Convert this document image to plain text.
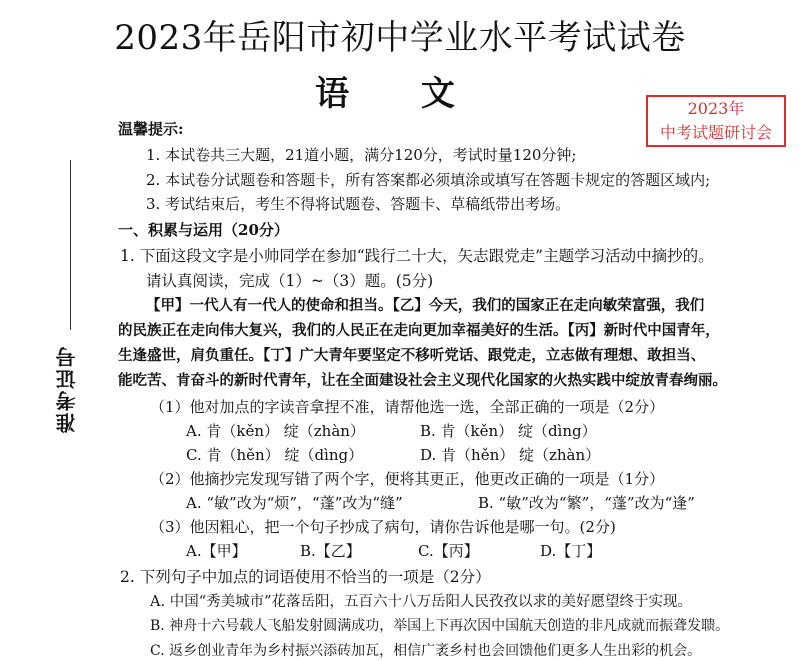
2023年岳阳市初中学业水平考试试卷
语 文	2023年
中考试题研讨会
准考证号
温馨提示:
1. 本试卷共三大题，21道小题，满分120分，考试时量120分钟;
2. 本试卷分试题卷和答题卡，所有答案都必须填涂或填写在答题卡规定的答题区域内;
3. 考试结束后，考生不得将试题卷、答题卡、草稿纸带出考场。
一、积累与运用（20分）
1. 下面这段文字是小帅同学在参加“践行二十大，矢志跟党走”主题学习活动中摘抄的。
请认真阅读，完成（1）~（3）题。(5分)
【甲】一代人有一代人的使命和担当。【乙】今天，我们的国家正在走向敏荣富强，我们
的民族正在走向伟大复兴，我们的人民正在走向更加幸福美好的生活。【丙】新时代中国青年，
生逢盛世，肩负重任。【丁】广大青年要坚定不移听党话、跟党走，立志做有理想、敢担当、
能吃苦、肯奋斗的新时代青年，让在全面建设社会主义现代化国家的火热实践中绽放青春绚丽。
（1）他对加点的字读音拿捏不准，请帮他选一选，全部正确的一项是（2分）
A. 肯（kěn） 绽（zhàn）	B. 肯（kěn） 绽（dìng）
C. 肯（hěn） 绽（dìng）	D. 肯（hěn） 绽（zhàn）
（2）他摘抄完发现写错了两个字，便将其更正，他更改正确的一项是（1分）
A. “敏”改为“烦”，“蓬”改为“缝”	B. “敏”改为“繁”，“蓬”改为“逢”
（3）他因粗心，把一个句子抄成了病句，请你告诉他是哪一句。(2分)
A.【甲】	B.【乙】	C.【丙】	D.【丁】
2. 下列句子中加点的词语使用不恰当的一项是（2分）
A. 中国“秀美城市”花落岳阳，五百六十八万岳阳人民孜孜以求的美好愿望终于实现。
B. 神舟十六号载人飞船发射圆满成功，举国上下再次因中国航天创造的非凡成就而振聋发聩。
C. 返乡创业青年为乡村振兴添砖加瓦，相信广袤乡村也会回馈他们更多人生出彩的机会。
